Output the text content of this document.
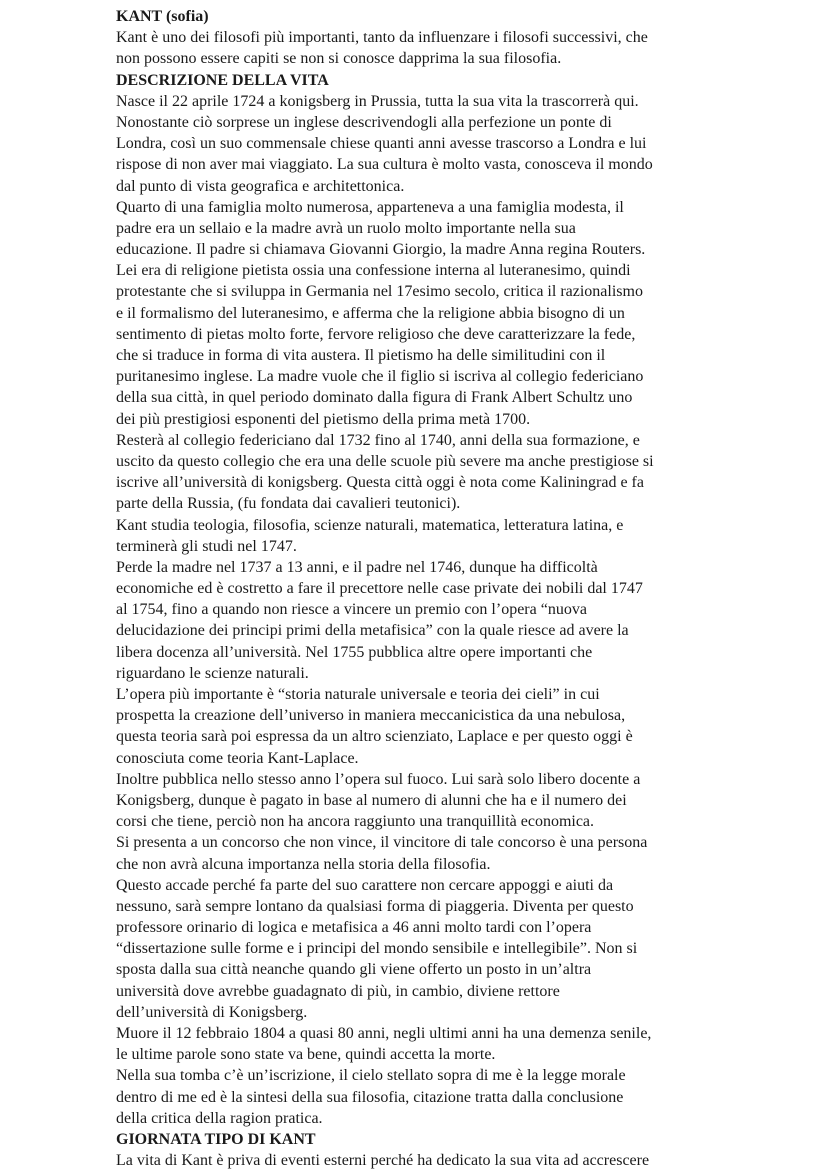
KANT (sofia)
Kant è uno dei filosofi più importanti, tanto da influenzare i filosofi successivi, che
non possono essere capiti se non si conosce dapprima la sua filosofia.
DESCRIZIONE DELLA VITA
Nasce il 22 aprile 1724 a konigsberg in Prussia, tutta la sua vita la trascorrerà qui.
Nonostante ciò sorprese un inglese descrivendogli alla perfezione un ponte di
Londra, così un suo commensale chiese quanti anni avesse trascorso a Londra e lui
rispose di non aver mai viaggiato. La sua cultura è molto vasta, conosceva il mondo
dal punto di vista geografica e architettonica.
Quarto di una famiglia molto numerosa, apparteneva a una famiglia modesta, il
padre era un sellaio e la madre avrà un ruolo molto importante nella sua
educazione. Il padre si chiamava Giovanni Giorgio, la madre Anna regina Routers.
Lei era di religione pietista ossia una confessione interna al luteranesimo, quindi
protestante che si sviluppa in Germania nel 17esimo secolo, critica il razionalismo
e il formalismo del luteranesimo, e afferma che la religione abbia bisogno di un
sentimento di pietas molto forte, fervore religioso che deve caratterizzare la fede,
che si traduce in forma di vita austera. Il pietismo ha delle similitudini con il
puritanesimo inglese. La madre vuole che il figlio si iscriva al collegio federiciano
della sua città, in quel periodo dominato dalla figura di Frank Albert Schultz uno
dei più prestigiosi esponenti del pietismo della prima metà 1700.
Resterà al collegio federiciano dal 1732 fino al 1740, anni della sua formazione, e
uscito da questo collegio che era una delle scuole più severe ma anche prestigiose si
iscrive all’università di konigsberg. Questa città oggi è nota come Kaliningrad e fa
parte della Russia, (fu fondata dai cavalieri teutonici).
Kant studia teologia, filosofia, scienze naturali, matematica, letteratura latina, e
terminerà gli studi nel 1747.
Perde la madre nel 1737 a 13 anni, e il padre nel 1746, dunque ha difficoltà
economiche ed è costretto a fare il precettore nelle case private dei nobili dal 1747
al 1754, fino a quando non riesce a vincere un premio con l’opera “nuova
delucidazione dei principi primi della metafisica” con la quale riesce ad avere la
libera docenza all’università. Nel 1755 pubblica altre opere importanti che
riguardano le scienze naturali.
L’opera più importante è “storia naturale universale e teoria dei cieli” in cui
prospetta la creazione dell’universo in maniera meccanicistica da una nebulosa,
questa teoria sarà poi espressa da un altro scienziato, Laplace e per questo oggi è
conosciuta come teoria Kant-Laplace.
Inoltre pubblica nello stesso anno l’opera sul fuoco. Lui sarà solo libero docente a
Konigsberg, dunque è pagato in base al numero di alunni che ha e il numero dei
corsi che tiene, perciò non ha ancora raggiunto una tranquillità economica.
Si presenta a un concorso che non vince, il vincitore di tale concorso è una persona
che non avrà alcuna importanza nella storia della filosofia.
Questo accade perché fa parte del suo carattere non cercare appoggi e aiuti da
nessuno, sarà sempre lontano da qualsiasi forma di piaggeria. Diventa per questo
professore orinario di logica e metafisica a 46 anni molto tardi con l’opera
“dissertazione sulle forme e i principi del mondo sensibile e intellegibile”. Non si
sposta dalla sua città neanche quando gli viene offerto un posto in un’altra
università dove avrebbe guadagnato di più, in cambio, diviene rettore
dell’università di Konigsberg.
Muore il 12 febbraio 1804 a quasi 80 anni, negli ultimi anni ha una demenza senile,
le ultime parole sono state va bene, quindi accetta la morte.
Nella sua tomba c’è un’iscrizione, il cielo stellato sopra di me è la legge morale
dentro di me ed è la sintesi della sua filosofia, citazione tratta dalla conclusione
della critica della ragion pratica.
GIORNATA TIPO DI KANT
La vita di Kant è priva di eventi esterni perché ha dedicato la sua vita ad accrescere
